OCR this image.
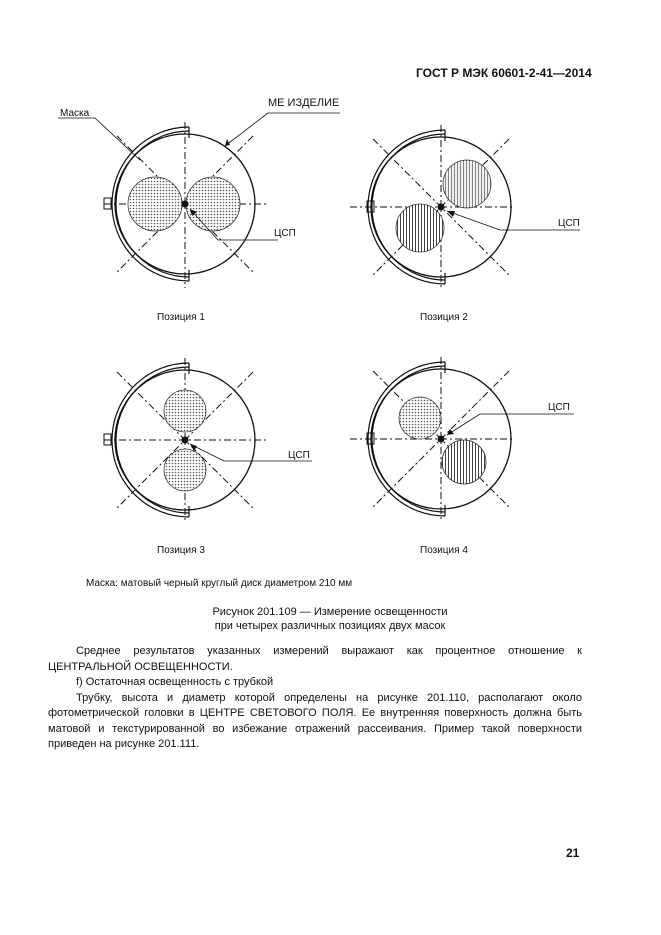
ГОСТ Р МЭК 60601-2-41—2014
Маска
МЕ ИЗДЕЛИЕ
ЦСП
Позиция 1
ЦСП
Позиция 2
ЦСП
Позиция 3
ЦСП
Позиция 4
Маска: матовый черный круглый диск диаметром 210 мм
Рисунок 201.109 — Измерение освещенности
при четырех различных позициях двух масок

Среднее результатов указанных измерений выражают как процентное отношение к ЦЕНТРАЛЬНОЙ ОСВЕЩЕННОСТИ.

f) Остаточная освещенность с трубкой

Трубку, высота и диаметр которой определены на рисунке 201.110, располагают около фотометрической головки в ЦЕНТРЕ СВЕТОВОГО ПОЛЯ. Ее внутренняя поверхность должна быть матовой и текстурированной во избежание отражений рассеивания. Пример такой поверхности приведен на рисунке 201.111.

21
